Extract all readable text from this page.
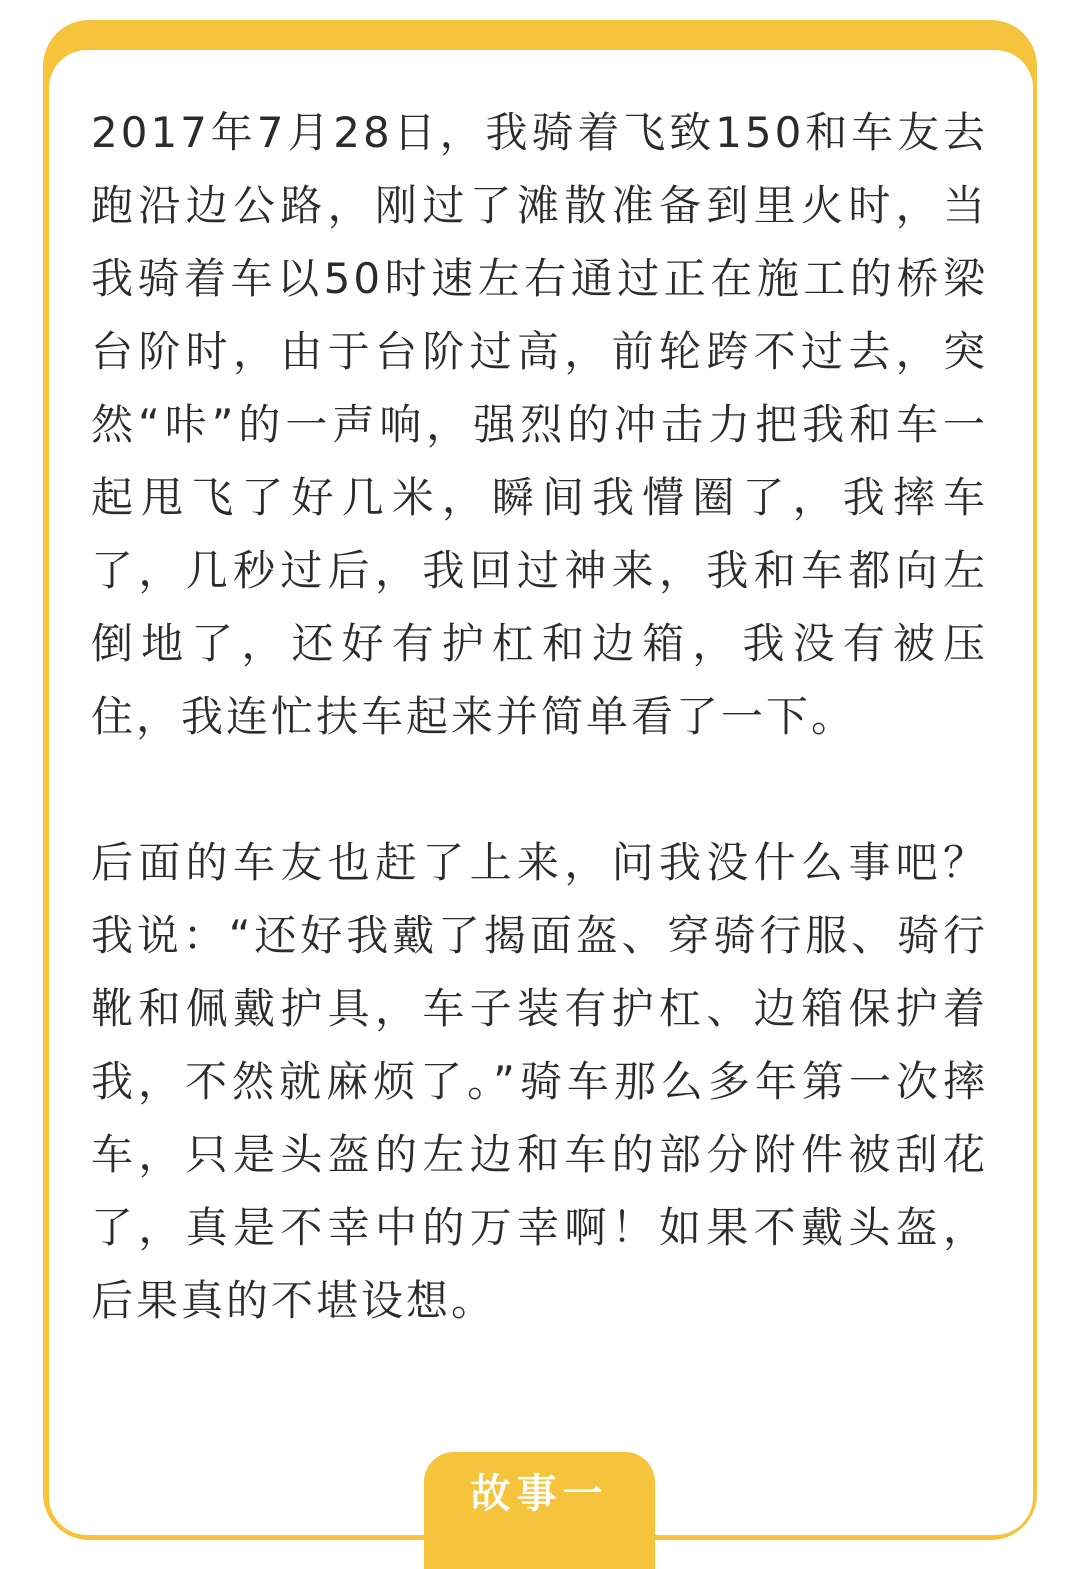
2017年7月28日，我骑着飞致150和车友去跑沿边公路，刚过了滩散准备到里火时，当我骑着车以50时速左右通过正在施工的桥梁台阶时，由于台阶过高，前轮跨不过去，突然“咔”的一声响，强烈的冲击力把我和车一起甩飞了好几米，瞬间我懵圈了，我摔车了，几秒过后，我回过神来，我和车都向左倒地了，还好有护杠和边箱，我没有被压住，我连忙扶车起来并简单看了一下。

后面的车友也赶了上来，问我没什么事吧？我说：“还好我戴了揭面盔、穿骑行服、骑行靴和佩戴护具，车子装有护杠、边箱保护着我，不然就麻烦了。”骑车那么多年第一次摔车，只是头盔的左边和车的部分附件被刮花了，真是不幸中的万幸啊！如果不戴头盔，后果真的不堪设想。

故事一
